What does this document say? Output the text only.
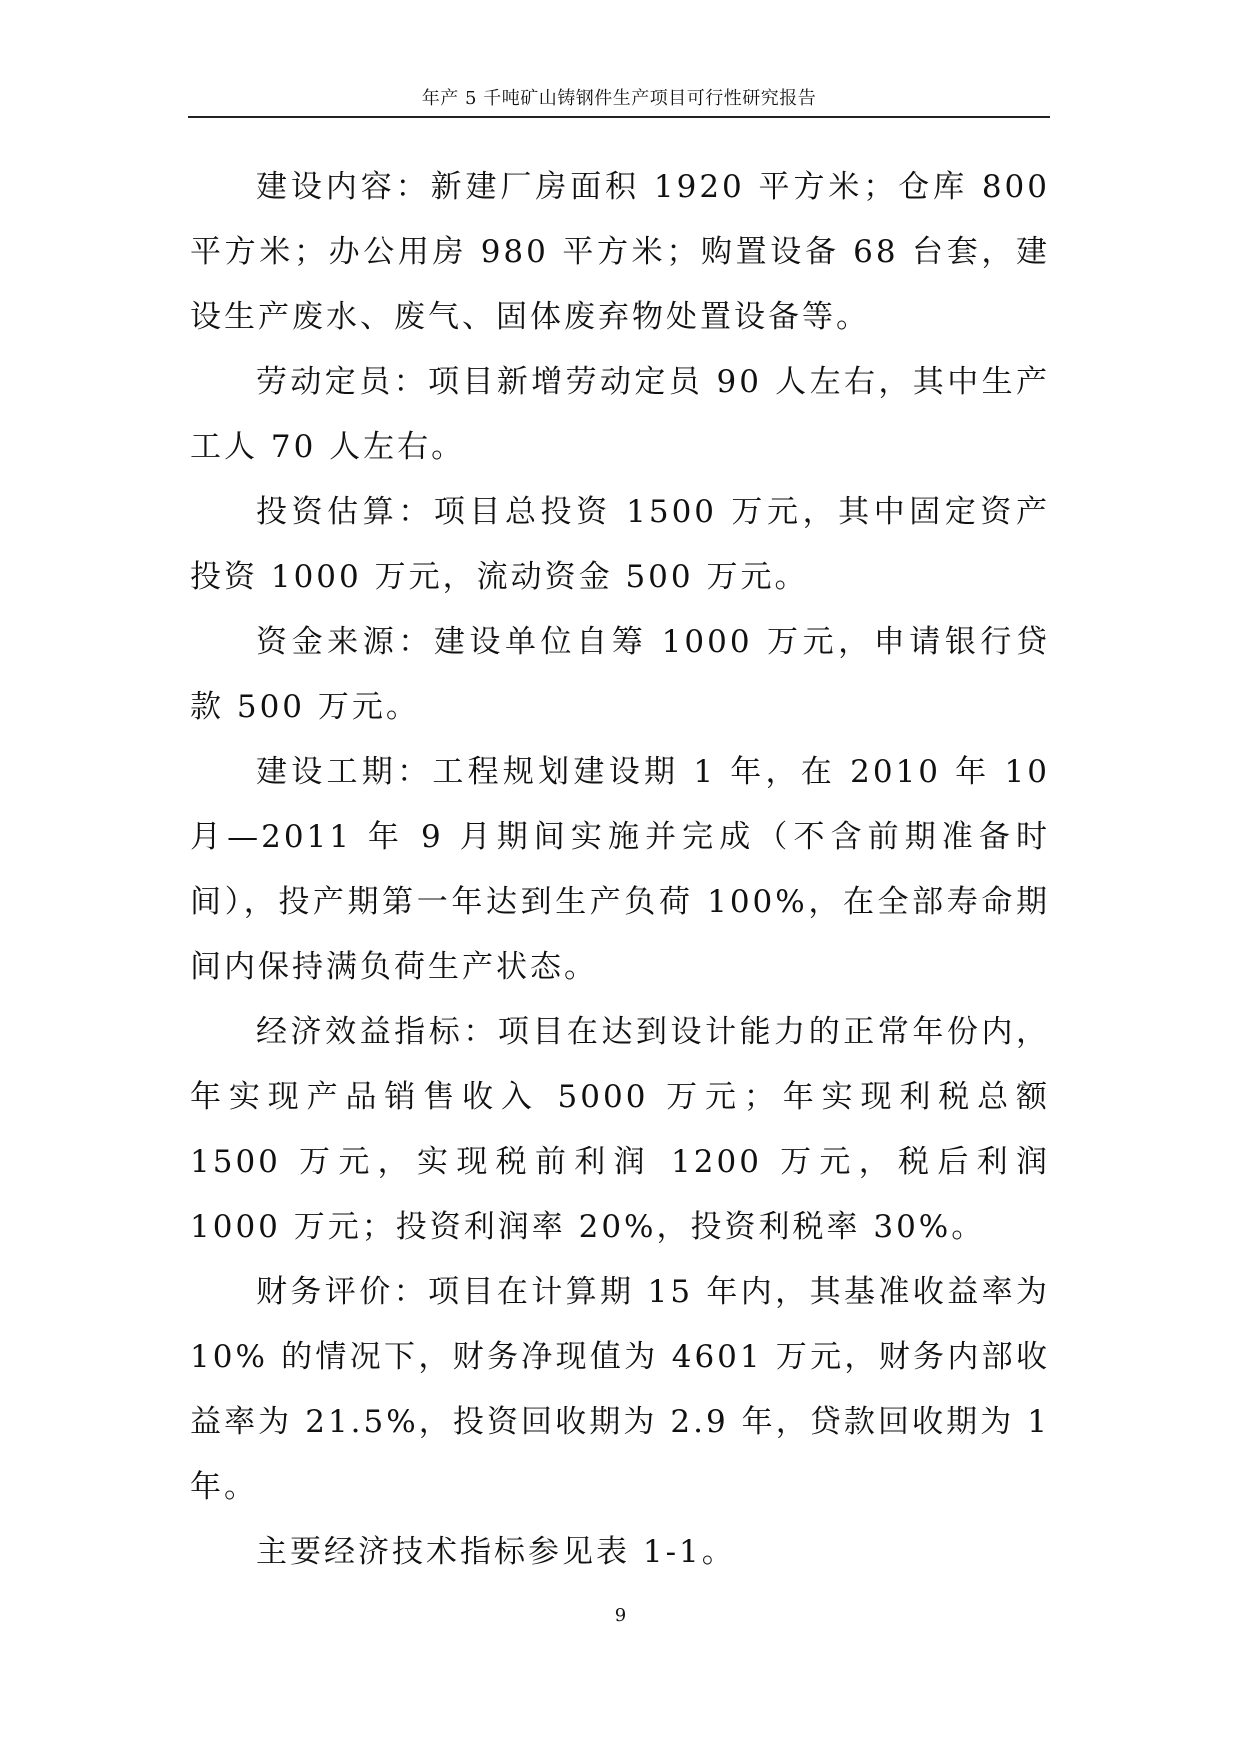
年产 5 千吨矿山铸钢件生产项目可行性研究报告

建设内容：新建厂房面积 1920 平方米；仓库 800 平方米；办公用房 980 平方米；购置设备 68 台套，建设生产废水、废气、固体废弃物处置设备等。

劳动定员：项目新增劳动定员 90 人左右，其中生产工人 70 人左右。

投资估算：项目总投资 1500 万元，其中固定资产投资 1000 万元，流动资金 500 万元。

资金来源：建设单位自筹 1000 万元，申请银行贷款 500 万元。

建设工期：工程规划建设期 1 年，在 2010 年 10 月—2011 年 9 月期间实施并完成（不含前期准备时间），投产期第一年达到生产负荷 100%，在全部寿命期间内保持满负荷生产状态。

经济效益指标：项目在达到设计能力的正常年份内，年实现产品销售收入 5000 万元；年实现利税总额 1500 万元，实现税前利润 1200 万元，税后利润 1000 万元；投资利润率 20%，投资利税率 30%。

财务评价：项目在计算期 15 年内，其基准收益率为 10% 的情况下，财务净现值为 4601 万元，财务内部收益率为 21.5%，投资回收期为 2.9 年，贷款回收期为 1 年。

主要经济技术指标参见表 1-1。

9
